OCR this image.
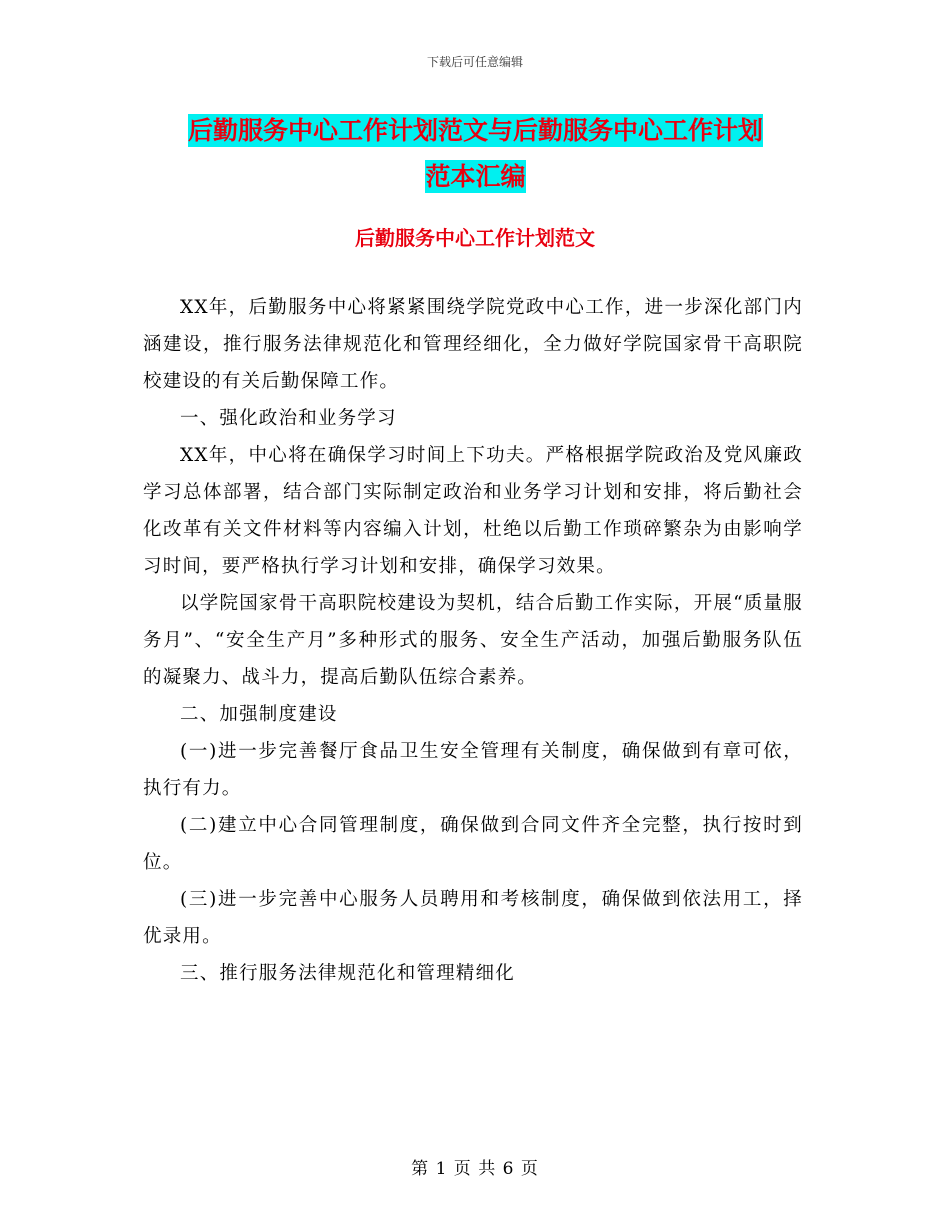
下载后可任意编辑
后勤服务中心工作计划范文与后勤服务中心工作计划
范本汇编
后勤服务中心工作计划范文

XX年，后勤服务中心将紧紧围绕学院党政中心工作，进一步深化部门内涵建设，推行服务法律规范化和管理经细化，全力做好学院国家骨干高职院校建设的有关后勤保障工作。

一、强化政治和业务学习

XX年，中心将在确保学习时间上下功夫。严格根据学院政治及党风廉政学习总体部署，结合部门实际制定政治和业务学习计划和安排，将后勤社会化改革有关文件材料等内容编入计划，杜绝以后勤工作琐碎繁杂为由影响学习时间，要严格执行学习计划和安排，确保学习效果。

以学院国家骨干高职院校建设为契机，结合后勤工作实际，开展“质量服务月”、“安全生产月”多种形式的服务、安全生产活动，加强后勤服务队伍的凝聚力、战斗力，提高后勤队伍综合素养。

二、加强制度建设

(一)进一步完善餐厅食品卫生安全管理有关制度，确保做到有章可依，执行有力。

(二)建立中心合同管理制度，确保做到合同文件齐全完整，执行按时到位。

(三)进一步完善中心服务人员聘用和考核制度，确保做到依法用工，择优录用。

三、推行服务法律规范化和管理精细化

第 1 页 共 6 页
